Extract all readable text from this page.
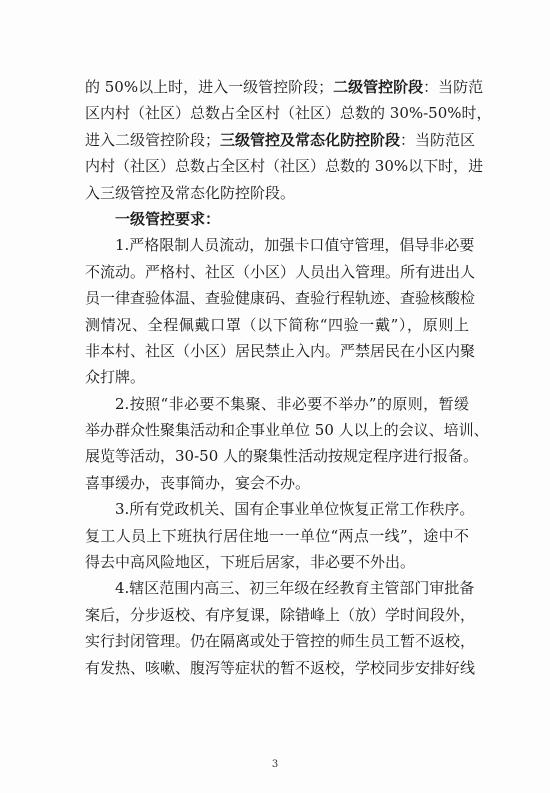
的 50%以上时，进入一级管控阶段；二级管控阶段：当防范
区内村（社区）总数占全区村（社区）总数的 30%-50%时，
进入二级管控阶段；三级管控及常态化防控阶段：当防范区
内村（社区）总数占全区村（社区）总数的 30%以下时，进
入三级管控及常态化防控阶段。
一级管控要求：
1.严格限制人员流动，加强卡口值守管理，倡导非必要
不流动。严格村、社区（小区）人员出入管理。所有进出人
员一律查验体温、查验健康码、查验行程轨迹、查验核酸检
测情况、全程佩戴口罩（以下简称“四验一戴”），原则上
非本村、社区（小区）居民禁止入内。严禁居民在小区内聚
众打牌。
2.按照“非必要不集聚、非必要不举办”的原则，暂缓
举办群众性聚集活动和企事业单位 50 人以上的会议、培训、
展览等活动，30-50 人的聚集性活动按规定程序进行报备。
喜事缓办，丧事简办，宴会不办。
3.所有党政机关、国有企事业单位恢复正常工作秩序。
复工人员上下班执行居住地一一单位“两点一线”，途中不
得去中高风险地区，下班后居家，非必要不外出。
4.辖区范围内高三、初三年级在经教育主管部门审批备
案后，分步返校、有序复课，除错峰上（放）学时间段外，
实行封闭管理。仍在隔离或处于管控的师生员工暂不返校，
有发热、咳嗽、腹泻等症状的暂不返校，学校同步安排好线
3
